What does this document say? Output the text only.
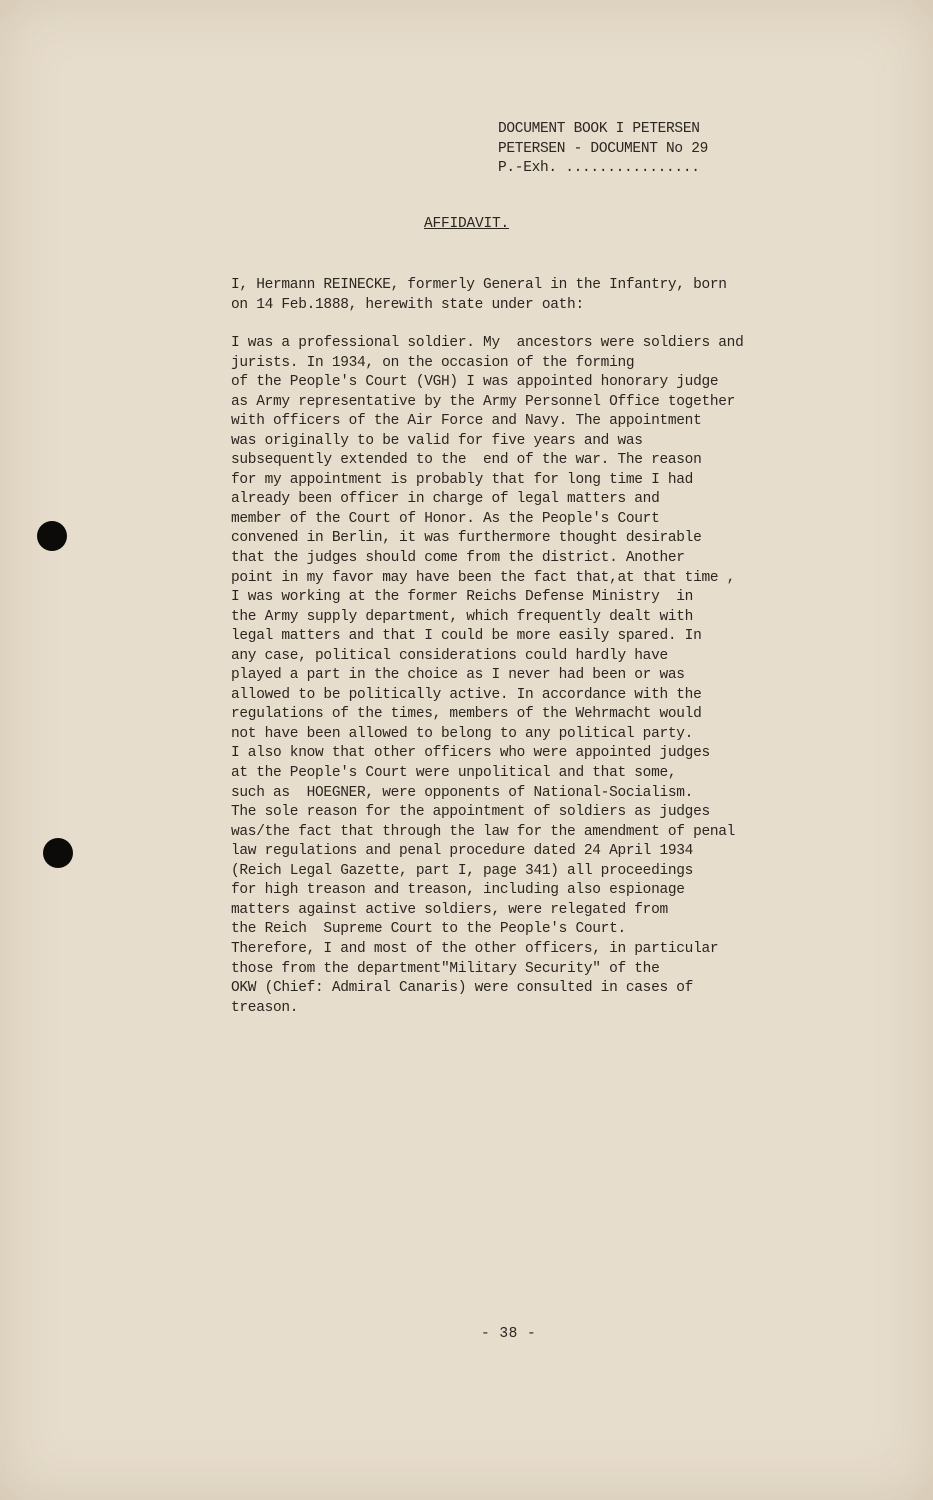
DOCUMENT BOOK I PETERSEN
PETERSEN - DOCUMENT No 29
P.-Exh. ................
AFFIDAVIT.
I, Hermann REINECKE, formerly General in the Infantry, born
on 14 Feb.1888, herewith state under oath:
I was a professional soldier. My  ancestors were soldiers and
jurists. In 1934, on the occasion of the forming
of the People's Court (VGH) I was appointed honorary judge
as Army representative by the Army Personnel Office together
with officers of the Air Force and Navy. The appointment
was originally to be valid for five years and was
subsequently extended to the  end of the war. The reason
for my appointment is probably that for long time I had
already been officer in charge of legal matters and
member of the Court of Honor. As the People's Court
convened in Berlin, it was furthermore thought desirable
that the judges should come from the district. Another
point in my favor may have been the fact that,at that time ,
I was working at the former Reichs Defense Ministry  in
the Army supply department, which frequently dealt with
legal matters and that I could be more easily spared. In
any case, political considerations could hardly have
played a part in the choice as I never had been or was
allowed to be politically active. In accordance with the
regulations of the times, members of the Wehrmacht would
not have been allowed to belong to any political party.
I also know that other officers who were appointed judges
at the People's Court were unpolitical and that some,
such as  HOEGNER, were opponents of National-Socialism.
The sole reason for the appointment of soldiers as judges
was/the fact that through the law for the amendment of penal
law regulations and penal procedure dated 24 April 1934
(Reich Legal Gazette, part I, page 341) all proceedings
for high treason and treason, including also espionage
matters against active soldiers, were relegated from
the Reich  Supreme Court to the People's Court.
Therefore, I and most of the other officers, in particular
those from the department"Military Security" of the
OKW (Chief: Admiral Canaris) were consulted in cases of
treason.
- 38 -
